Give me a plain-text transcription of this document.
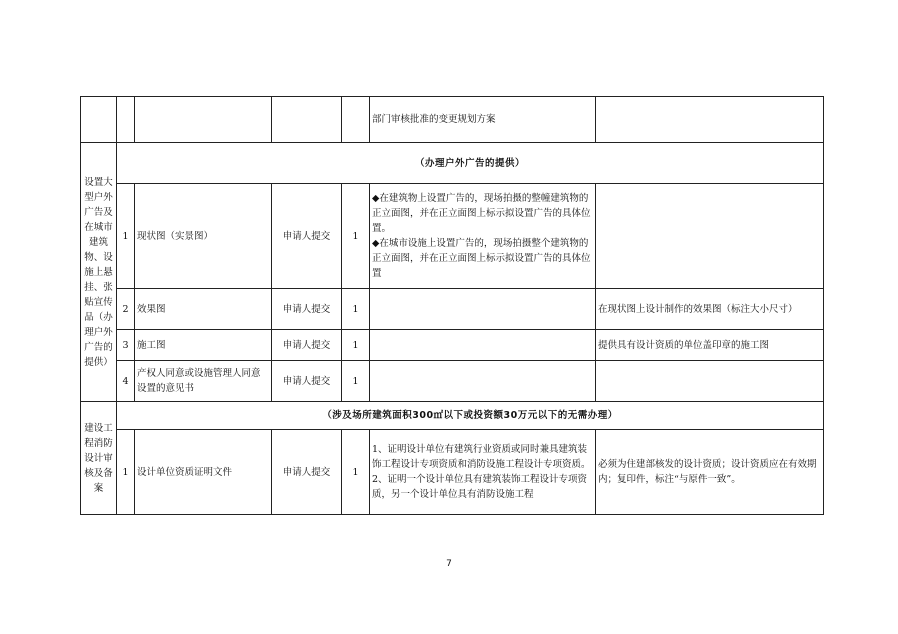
					部门审核批准的变更规划方案	
设置大型户外广告及在城市建筑物、设施上悬挂、张贴宣传品（办理户外广告的提供）	（办理户外广告的提供）					
	1	现状图（实景图）	申请人提交	1	◆在建筑物上设置广告的，现场拍摄的整幢建筑物的正立面图，并在正立面图上标示拟设置广告的具体位置。
◆在城市设施上设置广告的，现场拍摄整个建筑物的正立面图，并在正立面图上标示拟设置广告的具体位置	
	2	效果图	申请人提交	1		在现状图上设计制作的效果图（标注大小尺寸）
	3	施工图	申请人提交	1		提供具有设计资质的单位盖印章的施工图
	4	产权人同意或设施管理人同意设置的意见书	申请人提交	1		
建设工程消防设计审核及备案	（涉及场所建筑面积300㎡以下或投资额30万元以下的无需办理）					
	1	设计单位资质证明文件	申请人提交	1	1、证明设计单位有建筑行业资质或同时兼具建筑装饰工程设计专项资质和消防设施工程设计专项资质。2、证明一个设计单位具有建筑装饰工程设计专项资质，另一个设计单位具有消防设施工程	必须为住建部核发的设计资质；设计资质应在有效期内；复印件，标注“与原件一致”。
7
